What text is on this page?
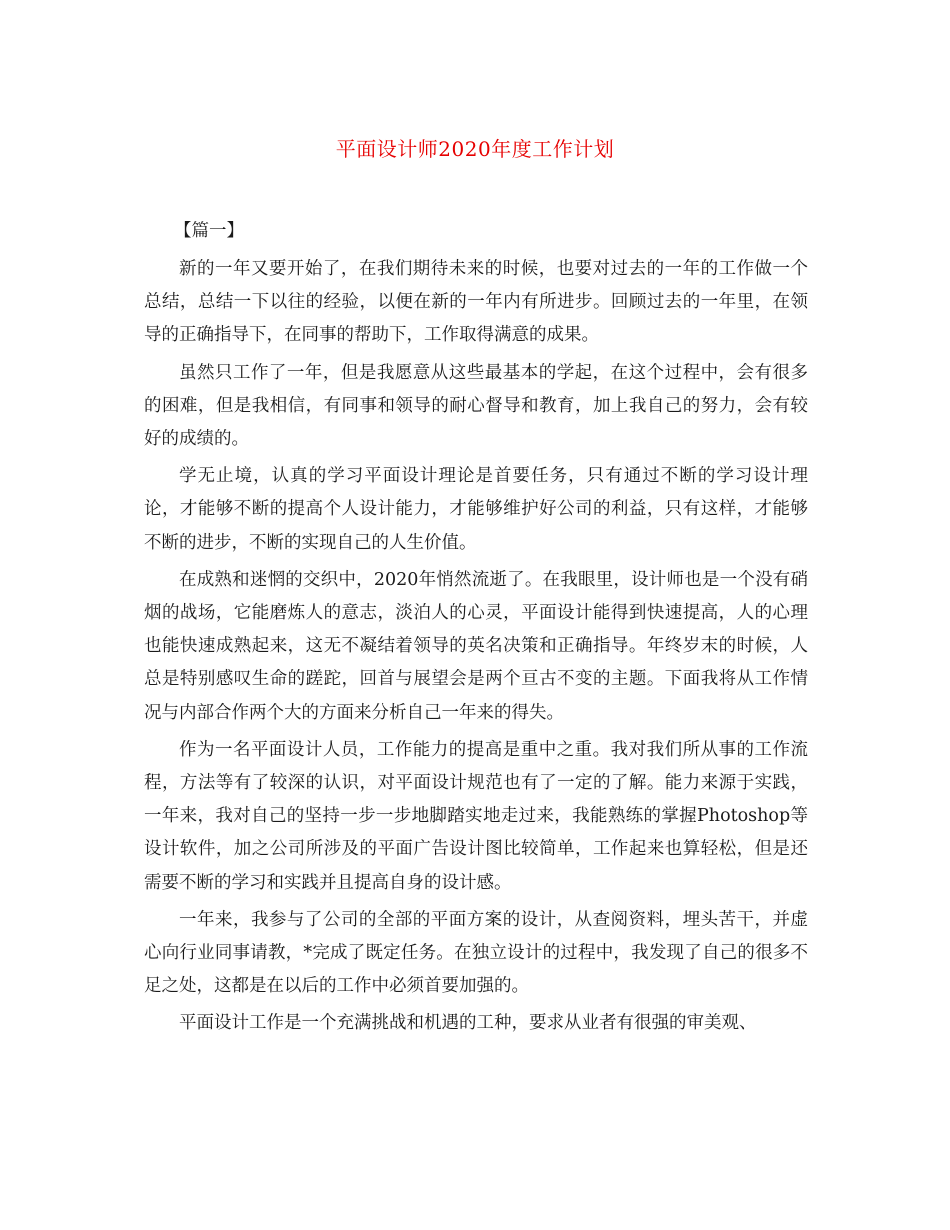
平面设计师2020年度工作计划
【篇一】

新的一年又要开始了，在我们期待未来的时候，也要对过去的一年的工作做一个总结，总结一下以往的经验，以便在新的一年内有所进步。回顾过去的一年里，在领导的正确指导下，在同事的帮助下，工作取得满意的成果。

虽然只工作了一年，但是我愿意从这些最基本的学起，在这个过程中，会有很多的困难，但是我相信，有同事和领导的耐心督导和教育，加上我自己的努力，会有较好的成绩的。

学无止境，认真的学习平面设计理论是首要任务，只有通过不断的学习设计理论，才能够不断的提高个人设计能力，才能够维护好公司的利益，只有这样，才能够不断的进步，不断的实现自己的人生价值。

在成熟和迷惘的交织中，2020年悄然流逝了。在我眼里，设计师也是一个没有硝烟的战场，它能磨炼人的意志，淡泊人的心灵，平面设计能得到快速提高，人的心理也能快速成熟起来，这无不凝结着领导的英名决策和正确指导。年终岁末的时候，人总是特别感叹生命的蹉跎，回首与展望会是两个亘古不变的主题。下面我将从工作情况与内部合作两个大的方面来分析自己一年来的得失。

作为一名平面设计人员，工作能力的提高是重中之重。我对我们所从事的工作流程，方法等有了较深的认识，对平面设计规范也有了一定的了解。能力来源于实践，一年来，我对自己的坚持一步一步地脚踏实地走过来，我能熟练的掌握Photoshop等设计软件，加之公司所涉及的平面广告设计图比较简单，工作起来也算轻松，但是还需要不断的学习和实践并且提高自身的设计感。

一年来，我参与了公司的全部的平面方案的设计，从查阅资料，埋头苦干，并虚心向行业同事请教，*完成了既定任务。在独立设计的过程中，我发现了自己的很多不足之处，这都是在以后的工作中必须首要加强的。

平面设计工作是一个充满挑战和机遇的工种，要求从业者有很强的审美观、
